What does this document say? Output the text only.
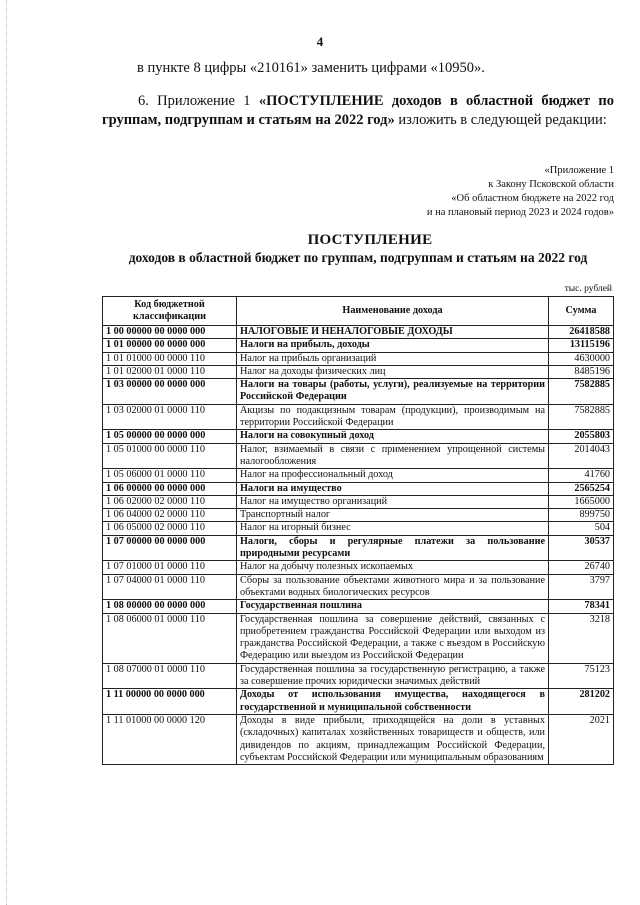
4
в пункте 8 цифры «210161» заменить цифрами «10950».
6. Приложение 1 «ПОСТУПЛЕНИЕ доходов в областной бюджет по группам, подгруппам и статьям на 2022 год» изложить в следующей редакции:
«Приложение 1
к Закону Псковской области
«Об областном бюджете на 2022 год
и на плановый период 2023 и 2024 годов»
ПОСТУПЛЕНИЕ
доходов в областной бюджет по группам, подгруппам и статьям на 2022 год
тыс. рублей
Код бюджетной классификации	Наименование дохода	Сумма
1 00 00000 00 0000 000	НАЛОГОВЫЕ И НЕНАЛОГОВЫЕ ДОХОДЫ	26418588
1 01 00000 00 0000 000	Налоги на прибыль, доходы	13115196
1 01 01000 00 0000 110	Налог на прибыль организаций	4630000
1 01 02000 01 0000 110	Налог на доходы физических лиц	8485196
1 03 00000 00 0000 000	Налоги на товары (работы, услуги), реализуемые на территории Российской Федерации	7582885
1 03 02000 01 0000 110	Акцизы по подакцизным товарам (продукции), производимым на территории Российской Федерации	7582885
1 05 00000 00 0000 000	Налоги на совокупный доход	2055803
1 05 01000 00 0000 110	Налог, взимаемый в связи с применением упрощенной системы налогообложения	2014043
1 05 06000 01 0000 110	Налог на профессиональный доход	41760
1 06 00000 00 0000 000	Налоги на имущество	2565254
1 06 02000 02 0000 110	Налог на имущество организаций	1665000
1 06 04000 02 0000 110	Транспортный налог	899750
1 06 05000 02 0000 110	Налог на игорный бизнес	504
1 07 00000 00 0000 000	Налоги, сборы и регулярные платежи за пользование природными ресурсами	30537
1 07 01000 01 0000 110	Налог на добычу полезных ископаемых	26740
1 07 04000 01 0000 110	Сборы за пользование объектами животного мира и за пользование объектами водных биологических ресурсов	3797
1 08 00000 00 0000 000	Государственная пошлина	78341
1 08 06000 01 0000 110	Государственная пошлина за совершение действий, связанных с приобретением гражданства Российской Федерации или выходом из гражданства Российской Федерации, а также с въездом в Российскую Федерацию или выездом из Российской Федерации	3218
1 08 07000 01 0000 110	Государственная пошлина за государственную регистрацию, а также за совершение прочих юридически значимых действий	75123
1 11 00000 00 0000 000	Доходы от использования имущества, находящегося в государственной и муниципальной собственности	281202
1 11 01000 00 0000 120	Доходы в виде прибыли, приходящейся на доли в уставных (складочных) капиталах хозяйственных товариществ и обществ, или дивидендов по акциям, принадлежащим Российской Федерации, субъектам Российской Федерации или муниципальным образованиям	2021
